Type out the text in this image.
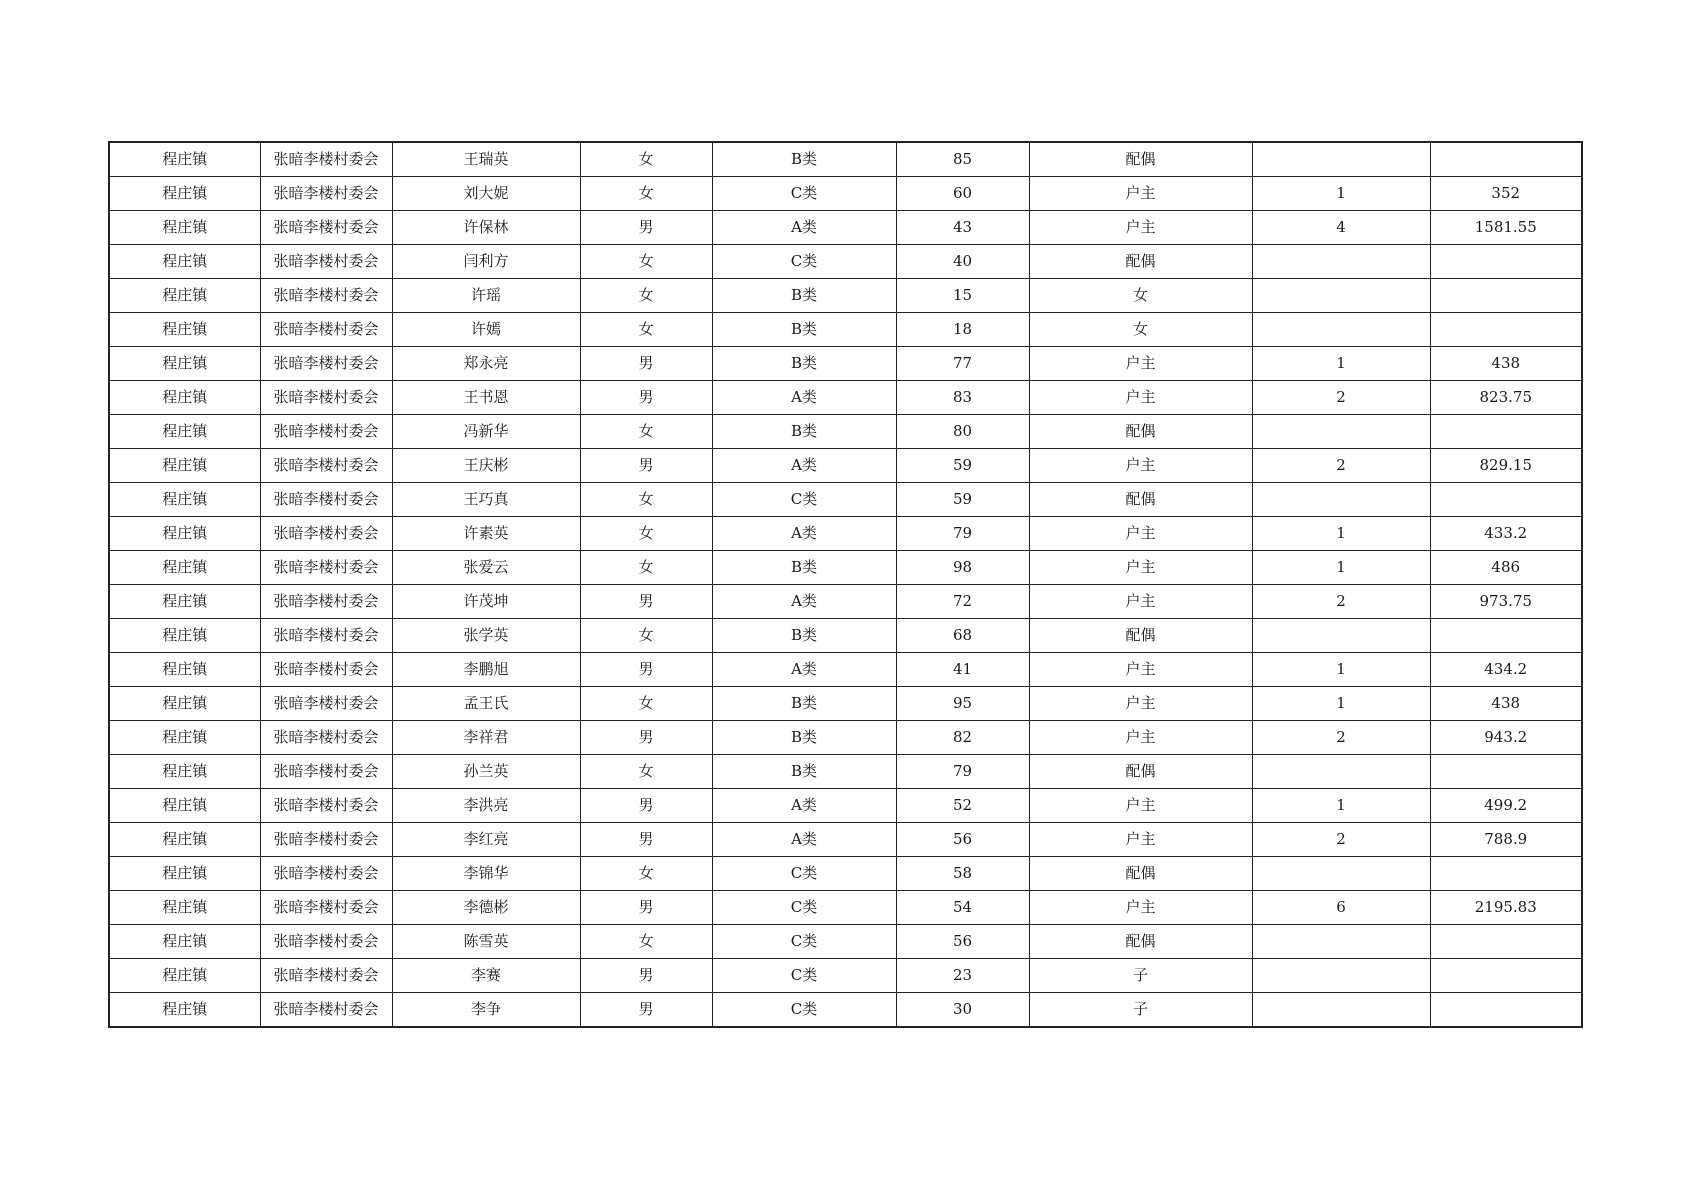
程庄镇	张暗李楼村委会	王瑞英	女	B类	85	配偶		
程庄镇	张暗李楼村委会	刘大妮	女	C类	60	户主	1	352
程庄镇	张暗李楼村委会	许保林	男	A类	43	户主	4	1581.55
程庄镇	张暗李楼村委会	闫利方	女	C类	40	配偶		
程庄镇	张暗李楼村委会	许瑶	女	B类	15	女		
程庄镇	张暗李楼村委会	许嫣	女	B类	18	女		
程庄镇	张暗李楼村委会	郑永亮	男	B类	77	户主	1	438
程庄镇	张暗李楼村委会	王书恩	男	A类	83	户主	2	823.75
程庄镇	张暗李楼村委会	冯新华	女	B类	80	配偶		
程庄镇	张暗李楼村委会	王庆彬	男	A类	59	户主	2	829.15
程庄镇	张暗李楼村委会	王巧真	女	C类	59	配偶		
程庄镇	张暗李楼村委会	许素英	女	A类	79	户主	1	433.2
程庄镇	张暗李楼村委会	张爱云	女	B类	98	户主	1	486
程庄镇	张暗李楼村委会	许茂坤	男	A类	72	户主	2	973.75
程庄镇	张暗李楼村委会	张学英	女	B类	68	配偶		
程庄镇	张暗李楼村委会	李鹏旭	男	A类	41	户主	1	434.2
程庄镇	张暗李楼村委会	孟王氏	女	B类	95	户主	1	438
程庄镇	张暗李楼村委会	李祥君	男	B类	82	户主	2	943.2
程庄镇	张暗李楼村委会	孙兰英	女	B类	79	配偶		
程庄镇	张暗李楼村委会	李洪亮	男	A类	52	户主	1	499.2
程庄镇	张暗李楼村委会	李红亮	男	A类	56	户主	2	788.9
程庄镇	张暗李楼村委会	李锦华	女	C类	58	配偶		
程庄镇	张暗李楼村委会	李德彬	男	C类	54	户主	6	2195.83
程庄镇	张暗李楼村委会	陈雪英	女	C类	56	配偶		
程庄镇	张暗李楼村委会	李赛	男	C类	23	子		
程庄镇	张暗李楼村委会	李争	男	C类	30	子		
